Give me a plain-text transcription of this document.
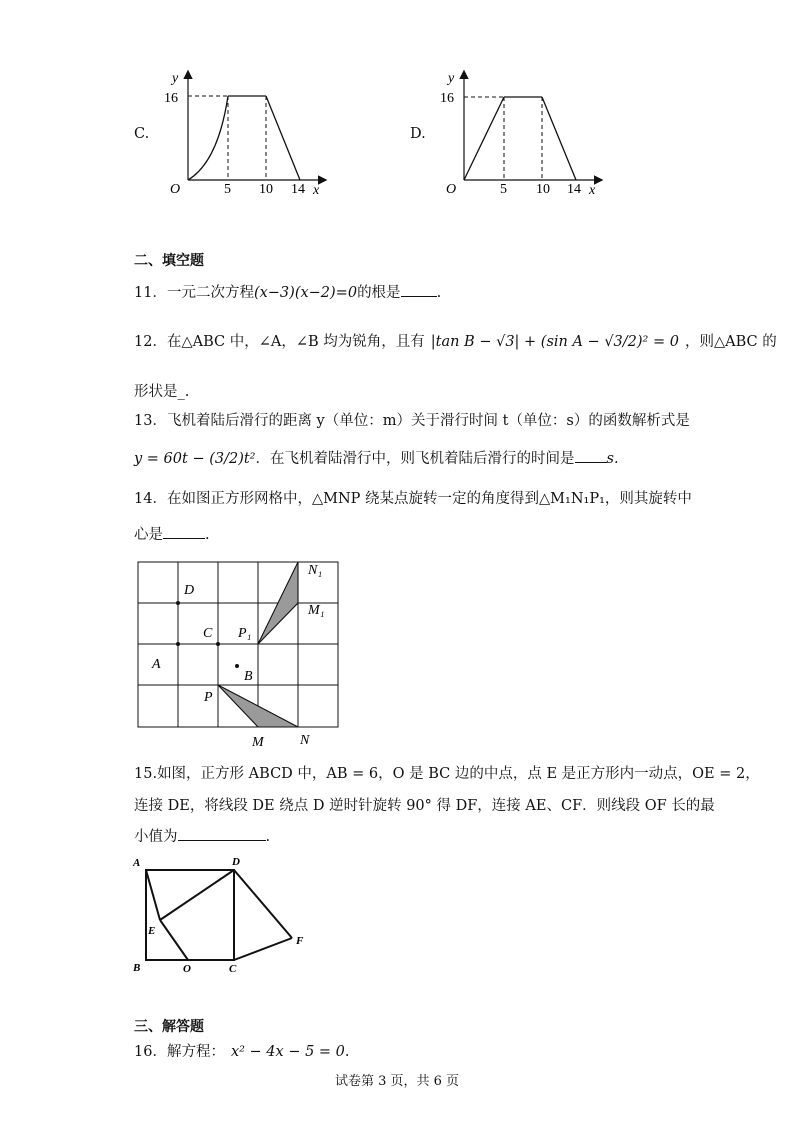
C.
y
x
O
16
5 10 14
D.
y
x
O
16
5 10 14
二、填空题
11．一元二次方程(x−3)(x−2)=0的根是 .
12．在△ABC 中，∠A，∠B 均为锐角，且有 |tan B − √3| + (sin A − √3/2)² = 0 ，则△ABC 的
形状是_.
13．飞机着陆后滑行的距离 y（单位：m）关于滑行时间 t（单位：s）的函数解析式是
y = 60t − (3/2)t²．在飞机着陆滑行中，则飞机着陆后滑行的时间是 s.
14．在如图正方形网格中，△MNP 绕某点旋转一定的角度得到△M₁N₁P₁，则其旋转中
心是	.
D
C P₁
A
B
P
M	N
M₁
N₁
15.如图，正方形 ABCD 中，AB = 6，O 是 BC 边的中点，点 E 是正方形内一动点，OE = 2，
连接 DE，将线段 DE 绕点 D 逆时针旋转 90° 得 DF，连接 AE、CF．则线段 OF 长的最
小值为	.
A	D
E
F
B	O	C
三、解答题
16．解方程： x² − 4x − 5 = 0.
试卷第 3 页，共 6 页
